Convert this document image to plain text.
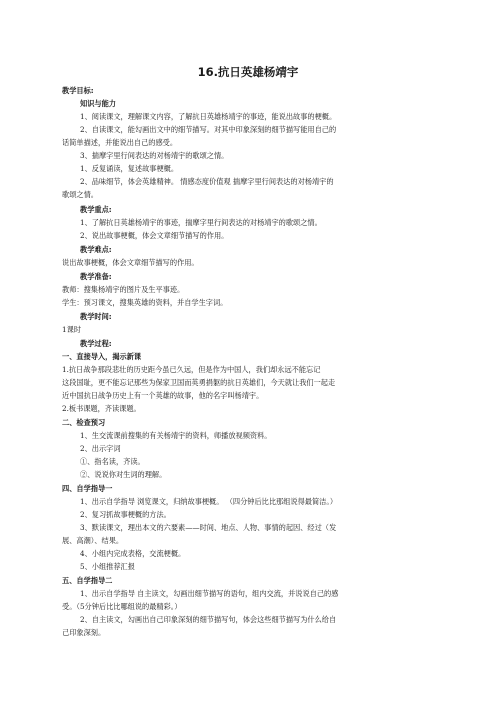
16.抗日英雄杨靖宇
教学目标:
知识与能力
1、阅读课文，理解课文内容，了解抗日英雄杨靖宇的事迹，能说出故事的梗概。
2、自读课文，能勾画出文中的细节描写。对其中印象深刻的细节描写能用自己的
话简单描述，并能说出自己的感受。
3、揣摩字里行间表达的对杨靖宇的歌颂之情。
1、反复诵读，复述故事梗概。
2、品味细节，体会英雄精神。 情感态度价值观 揣摩字里行间表达的对杨靖宇的
歌颂之情。
教学重点:
1、了解抗日英雄杨靖宇的事迹，揣摩字里行间表达的对杨靖宇的歌颂之情。
2、说出故事梗概，体会文章细节描写的作用。
教学难点:
说出故事梗概，体会文章细节描写的作用。
教学准备:
教师：搜集杨靖宇的图片及生平事迹。
学生：预习课文，搜集英雄的资料，并自学生字词。
教学时间:
1课时
教学过程:
一、直接导入，揭示新课
1.抗日战争那段悲壮的历史距今虽已久远，但是作为中国人，我们却永远不能忘记
这段国耻，更不能忘记那些为保家卫国而英勇捐躯的抗日英雄们，今天就让我们一起走
近中国抗日战争历史上有一个英雄的故事，他的名字叫杨靖宇。
2.板书课题，齐读课题。
二、检查预习
1、生交流课前搜集的有关杨靖宇的资料，师播放视频资料。
2、出示字词
①、指名读，齐读。
②、说说你对生词的理解。
四、自学指导一
1、出示自学指导 浏览课文，归纳故事梗概。 （四分钟后比比那组说得最简洁。）
2、复习抓故事梗概的方法。
3、默读课文，理出本文的六要素——时间、地点、人物、事情的起因、经过（发
展、高潮）、结果。
4、小组内完成表格，交流梗概。
5、小组推荐汇报
五、自学指导二
1、出示自学指导 自主读文，勾画出细节描写的语句，组内交流，并说说自己的感
受。（5分钟后比比哪组说的最精彩。）
2、自主读文，勾画出自己印象深刻的细节描写句，体会这些细节描写为什么给自
己印象深刻。
